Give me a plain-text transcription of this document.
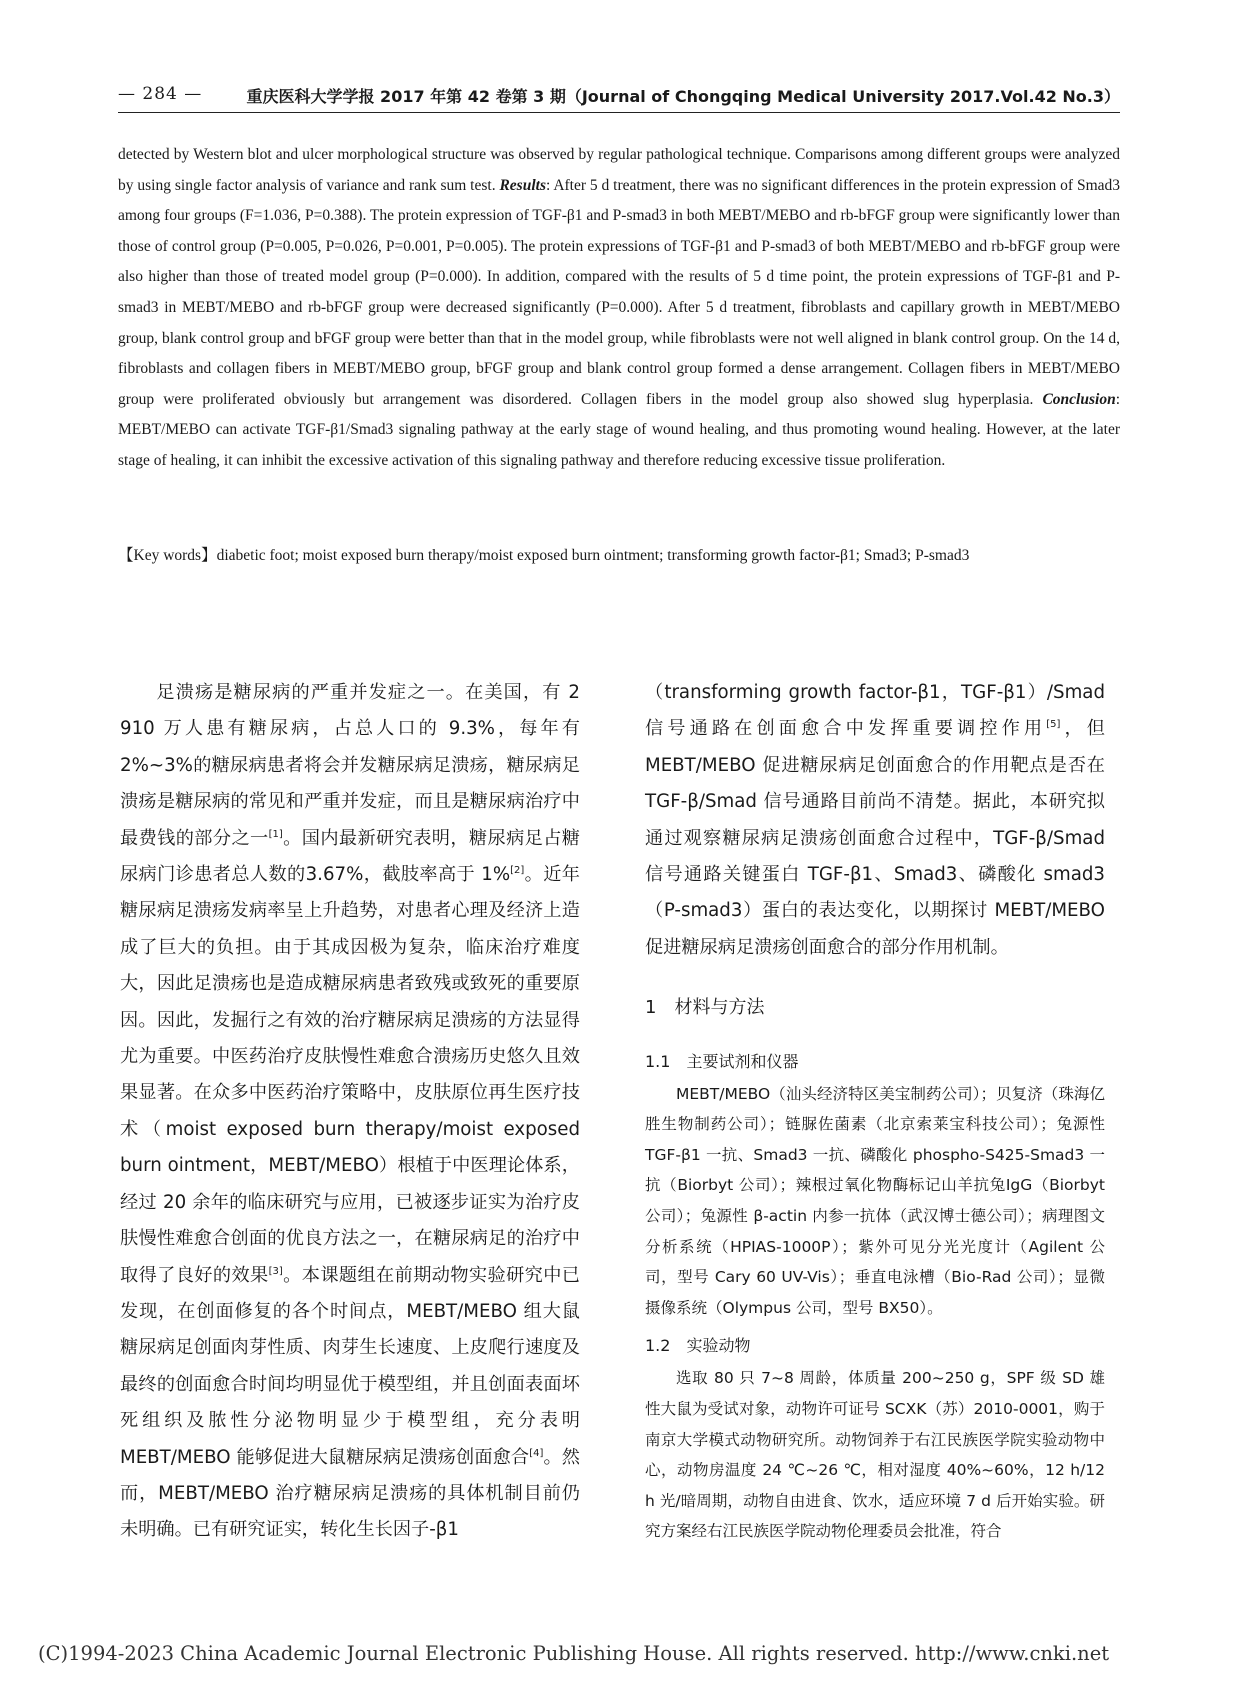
— 284 —	重庆医科大学学报 2017 年第 42 卷第 3 期（Journal of Chongqing Medical University 2017.Vol.42 No.3）

detected by Western blot and ulcer morphological structure was observed by regular pathological technique. Comparisons among different groups were analyzed by using single factor analysis of variance and rank sum test. Results: After 5 d treatment, there was no significant differences in the protein expression of Smad3 among four groups (F=1.036, P=0.388). The protein expression of TGF-β1 and P-smad3 in both MEBT/MEBO and rb-bFGF group were significantly lower than those of control group (P=0.005, P=0.026, P=0.001, P=0.005). The protein expressions of TGF-β1 and P-smad3 of both MEBT/MEBO and rb-bFGF group were also higher than those of treated model group (P=0.000). In addition, compared with the results of 5 d time point, the protein expressions of TGF-β1 and P-smad3 in MEBT/MEBO and rb-bFGF group were decreased significantly (P=0.000). After 5 d treatment, fibroblasts and capillary growth in MEBT/MEBO group, blank control group and bFGF group were better than that in the model group, while fibroblasts were not well aligned in blank control group. On the 14 d, fibroblasts and collagen fibers in MEBT/MEBO group, bFGF group and blank control group formed a dense arrangement. Collagen fibers in MEBT/MEBO group were proliferated obviously but arrangement was disordered. Collagen fibers in the model group also showed slug hyperplasia. Conclusion: MEBT/MEBO can activate TGF-β1/Smad3 signaling pathway at the early stage of wound healing, and thus promoting wound healing. However, at the later stage of healing, it can inhibit the excessive activation of this signaling pathway and therefore reducing excessive tissue proliferation.

【Key words】diabetic foot; moist exposed burn therapy/moist exposed burn ointment; transforming growth factor-β1; Smad3; P-smad3

足溃疡是糖尿病的严重并发症之一。在美国，有 2 910 万人患有糖尿病，占总人口的 9.3%，每年有 2%~3%的糖尿病患者将会并发糖尿病足溃疡，糖尿病足溃疡是糖尿病的常见和严重并发症，而且是糖尿病治疗中最费钱的部分之一[1]。国内最新研究表明，糖尿病足占糖尿病门诊患者总人数的3.67%，截肢率高于 1%[2]。近年糖尿病足溃疡发病率呈上升趋势，对患者心理及经济上造成了巨大的负担。由于其成因极为复杂，临床治疗难度大，因此足溃疡也是造成糖尿病患者致残或致死的重要原因。因此，发掘行之有效的治疗糖尿病足溃疡的方法显得尤为重要。中医药治疗皮肤慢性难愈合溃疡历史悠久且效果显著。在众多中医药治疗策略中，皮肤原位再生医疗技术（moist exposed burn therapy/moist exposed burn ointment，MEBT/MEBO）根植于中医理论体系，经过 20 余年的临床研究与应用，已被逐步证实为治疗皮肤慢性难愈合创面的优良方法之一，在糖尿病足的治疗中取得了良好的效果[3]。本课题组在前期动物实验研究中已发现，在创面修复的各个时间点，MEBT/MEBO 组大鼠糖尿病足创面肉芽性质、肉芽生长速度、上皮爬行速度及最终的创面愈合时间均明显优于模型组，并且创面表面坏死组织及脓性分泌物明显少于模型组，充分表明 MEBT/MEBO 能够促进大鼠糖尿病足溃疡创面愈合[4]。然而，MEBT/MEBO 治疗糖尿病足溃疡的具体机制目前仍未明确。已有研究证实，转化生长因子-β1

（transforming growth factor-β1，TGF-β1）/Smad 信号通路在创面愈合中发挥重要调控作用[5]，但 MEBT/MEBO 促进糖尿病足创面愈合的作用靶点是否在 TGF-β/Smad 信号通路目前尚不清楚。据此，本研究拟通过观察糖尿病足溃疡创面愈合过程中，TGF-β/Smad 信号通路关键蛋白 TGF-β1、Smad3、磷酸化 smad3（P-smad3）蛋白的表达变化，以期探讨 MEBT/MEBO 促进糖尿病足溃疡创面愈合的部分作用机制。

1　材料与方法

1.1　主要试剂和仪器

MEBT/MEBO（汕头经济特区美宝制药公司）；贝复济（珠海亿胜生物制药公司）；链脲佐菌素（北京索莱宝科技公司）；兔源性 TGF-β1 一抗、Smad3 一抗、磷酸化 phospho-S425-Smad3 一抗（Biorbyt 公司）；辣根过氧化物酶标记山羊抗兔IgG（Biorbyt 公司）；兔源性 β-actin 内参一抗体（武汉博士德公司）；病理图文分析系统（HPIAS-1000P）；紫外可见分光光度计（Agilent 公司，型号 Cary 60 UV-Vis）；垂直电泳槽（Bio-Rad 公司）；显微摄像系统（Olympus 公司，型号 BX50）。

1.2　实验动物

选取 80 只 7~8 周龄，体质量 200~250 g，SPF 级 SD 雄性大鼠为受试对象，动物许可证号 SCXK（苏）2010-0001，购于南京大学模式动物研究所。动物饲养于右江民族医学院实验动物中心，动物房温度 24 ℃~26 ℃，相对湿度 40%~60%，12 h/12 h 光/暗周期，动物自由进食、饮水，适应环境 7 d 后开始实验。研究方案经右江民族医学院动物伦理委员会批准，符合

(C)1994-2023 China Academic Journal Electronic Publishing House. All rights reserved. http://www.cnki.net
